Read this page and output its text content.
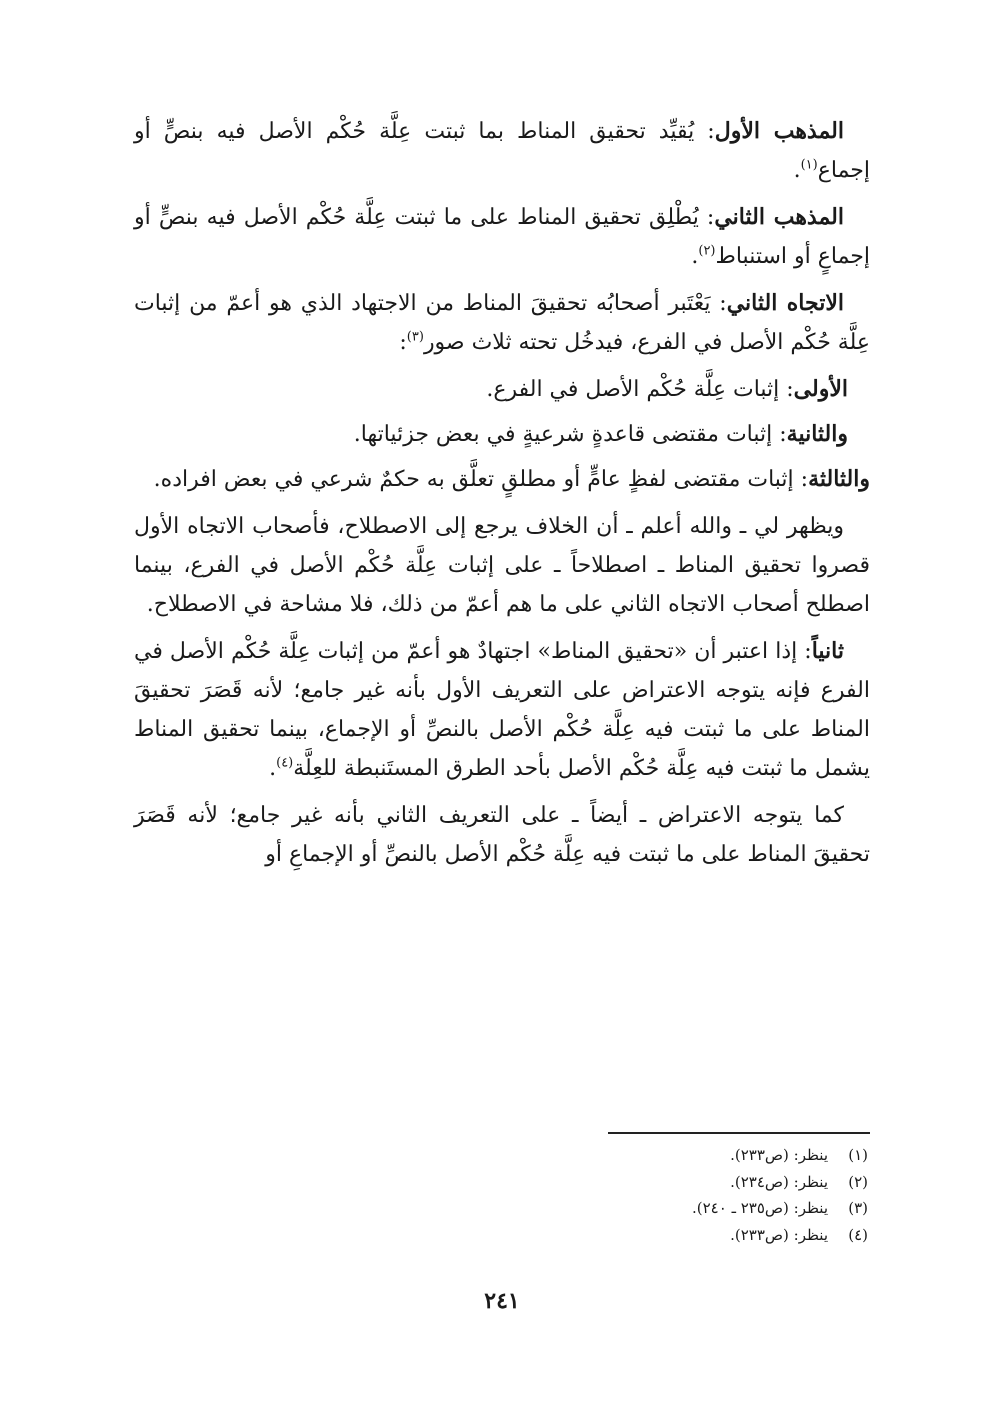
المذهب الأول: يُقيِّد تحقيق المناط بما ثبتت عِلَّة حُكْم الأصل فيه بنصٍّ أو إجماع$^{(١)}$.

المذهب الثاني: يُطْلِق تحقيق المناط على ما ثبتت عِلَّة حُكْم الأصل فيه بنصٍّ أو إجماعٍ أو استنباط$^{(٢)}$.

الاتجاه الثاني: يَعْتَبر أصحابُه تحقيقَ المناط من الاجتهاد الذي هو أعمّ من إثبات عِلَّة حُكْم الأصل في الفرع، فيدخُل تحته ثلاث صور$^{(٣)}$:

الأولى: إثبات عِلَّة حُكْم الأصل في الفرع.

والثانية: إثبات مقتضى قاعدةٍ شرعيةٍ في بعض جزئياتها.

والثالثة: إثبات مقتضى لفظٍ عامٍّ أو مطلقٍ تعلَّق به حكمٌ شرعي في بعض افراده.

ويظهر لي ـ والله أعلم ـ أن الخلاف يرجع إلى الاصطلاح، فأصحاب الاتجاه الأول قصروا تحقيق المناط ـ اصطلاحاً ـ على إثبات عِلَّة حُكْم الأصل في الفرع، بينما اصطلح أصحاب الاتجاه الثاني على ما هم أعمّ من ذلك، فلا مشاحة في الاصطلاح.

ثانياً: إذا اعتبر أن «تحقيق المناط» اجتهادٌ هو أعمّ من إثبات عِلَّة حُكْم الأصل في الفرع فإنه يتوجه الاعتراض على التعريف الأول بأنه غير جامع؛ لأنه قَصَرَ تحقيقَ المناط على ما ثبتت فيه عِلَّة حُكْم الأصل بالنصِّ أو الإجماع، بينما تحقيق المناط يشمل ما ثبتت فيه عِلَّة حُكْم الأصل بأحد الطرق المستَنبطة للعِلَّة$^{(٤)}$.

كما يتوجه الاعتراض ـ أيضاً ـ على التعريف الثاني بأنه غير جامع؛ لأنه قَصَرَ تحقيقَ المناط على ما ثبتت فيه عِلَّة حُكْم الأصل بالنصِّ أو الإجماعِ أو

(١)ينظر: (ص٢٣٣).
(٢)ينظر: (ص٢٣٤).
(٣)ينظر: (ص٢٣٥ ـ ٢٤٠).
(٤)ينظر: (ص٢٣٣).
٢٤١
